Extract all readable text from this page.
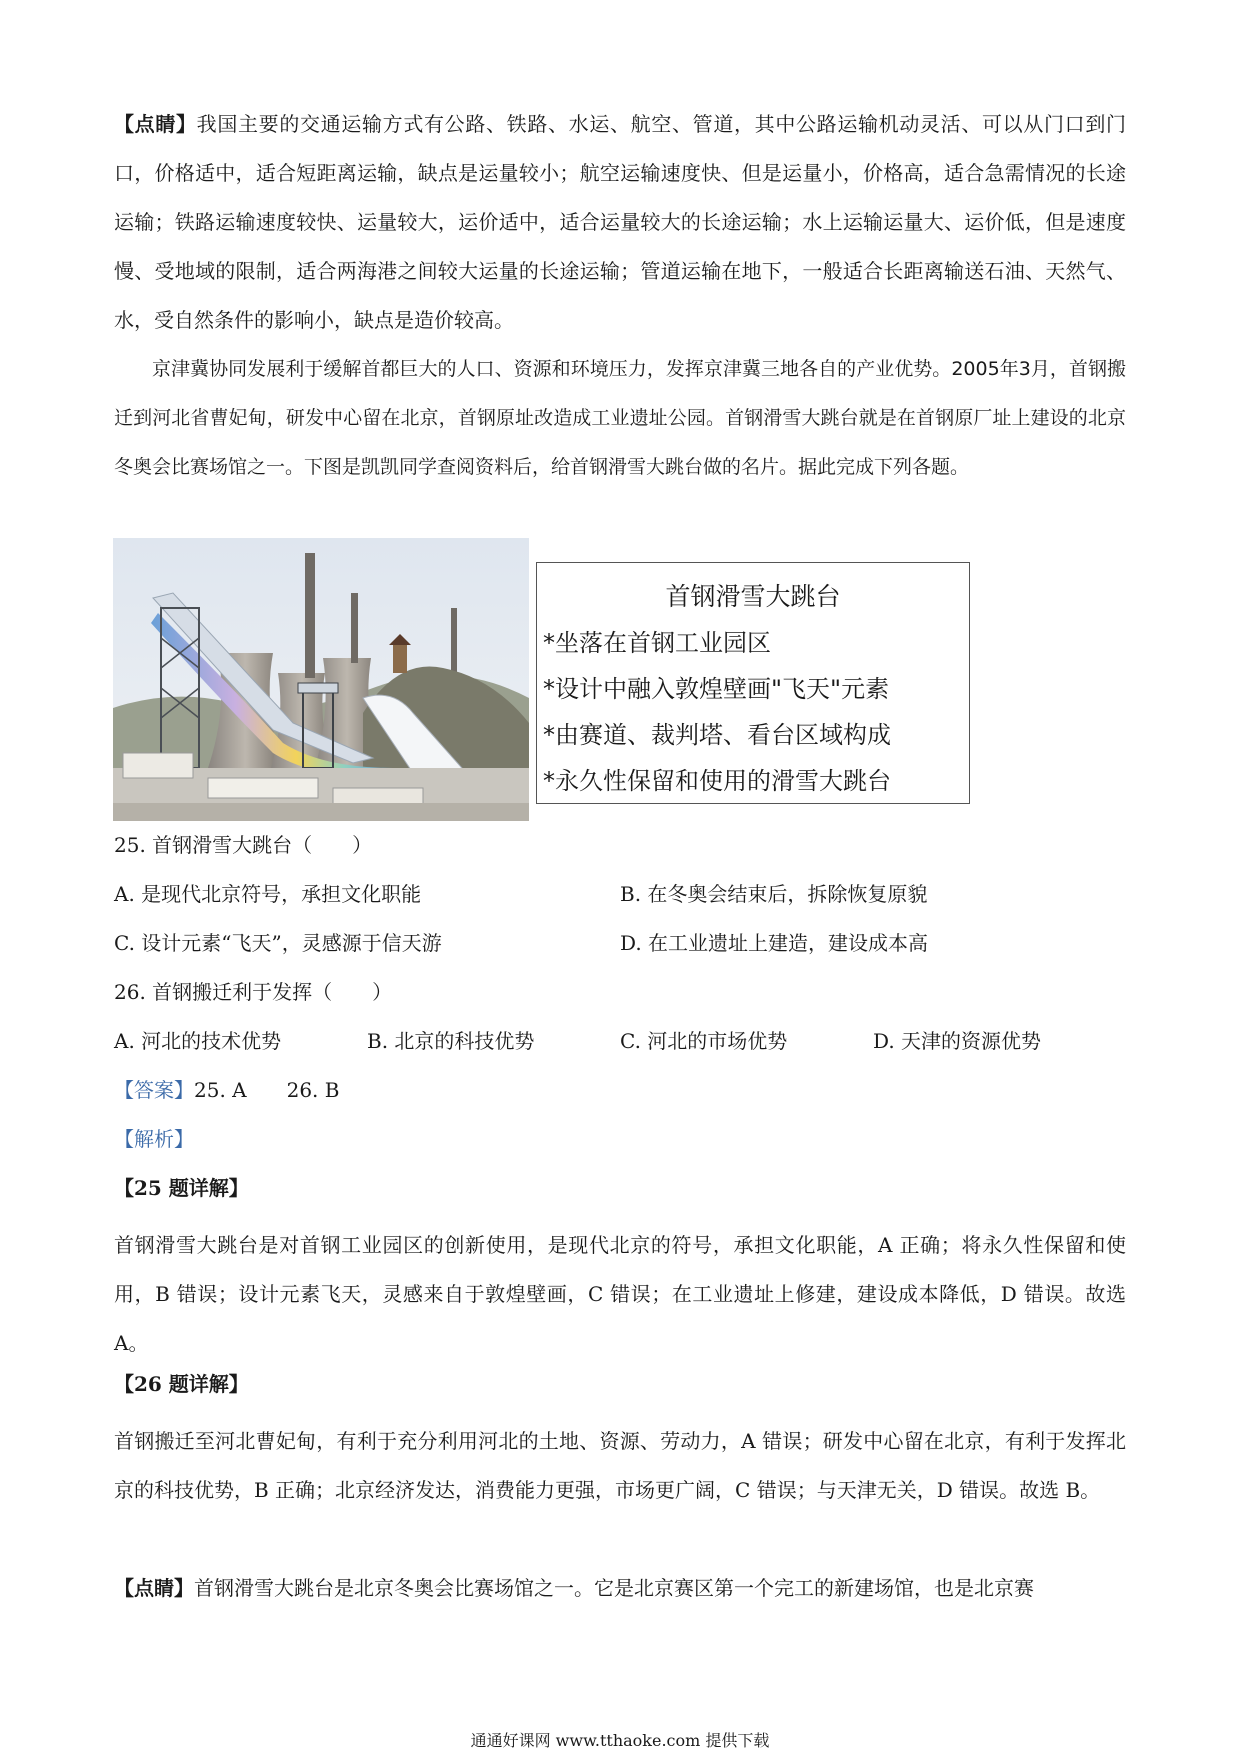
【点睛】我国主要的交通运输方式有公路、铁路、水运、航空、管道，其中公路运输机动灵活、可以从门口到门口，价格适中，适合短距离运输，缺点是运量较小；航空运输速度快、但是运量小，价格高，适合急需情况的长途运输；铁路运输速度较快、运量较大，运价适中，适合运量较大的长途运输；水上运输运量大、运价低，但是速度慢、受地域的限制，适合两海港之间较大运量的长途运输；管道运输在地下，一般适合长距离输送石油、天然气、水，受自然条件的影响小，缺点是造价较高。

京津冀协同发展利于缓解首都巨大的人口、资源和环境压力，发挥京津冀三地各自的产业优势。2005年3月，首钢搬迁到河北省曹妃甸，研发中心留在北京，首钢原址改造成工业遗址公园。首钢滑雪大跳台就是在首钢原厂址上建设的北京冬奥会比赛场馆之一。下图是凯凯同学查阅资料后，给首钢滑雪大跳台做的名片。据此完成下列各题。

首钢滑雪大跳台
*坐落在首钢工业园区
*设计中融入敦煌壁画"飞天"元素
*由赛道、裁判塔、看台区域构成
*永久性保留和使用的滑雪大跳台
25. 首钢滑雪大跳台（　　）
A. 是现代北京符号，承担文化职能	B. 在冬奥会结束后，拆除恢复原貌
C. 设计元素“飞天”，灵感源于信天游	D. 在工业遗址上建造，建设成本高
26. 首钢搬迁利于发挥（　　）
A. 河北的技术优势	B. 北京的科技优势	C. 河北的市场优势	D. 天津的资源优势
【答案】25. A　　26. B
【解析】
【25 题详解】

首钢滑雪大跳台是对首钢工业园区的创新使用，是现代北京的符号，承担文化职能，A 正确；将永久性保留和使用，B 错误；设计元素飞天，灵感来自于敦煌壁画，C 错误；在工业遗址上修建，建设成本降低，D 错误。故选 A。

【26 题详解】

首钢搬迁至河北曹妃甸，有利于充分利用河北的土地、资源、劳动力，A 错误；研发中心留在北京，有利于发挥北京的科技优势，B 正确；北京经济发达，消费能力更强，市场更广阔，C 错误；与天津无关，D 错误。故选 B。

【点睛】首钢滑雪大跳台是北京冬奥会比赛场馆之一。它是北京赛区第一个完工的新建场馆，也是北京赛

通通好课网 www.tthaoke.com 提供下载
